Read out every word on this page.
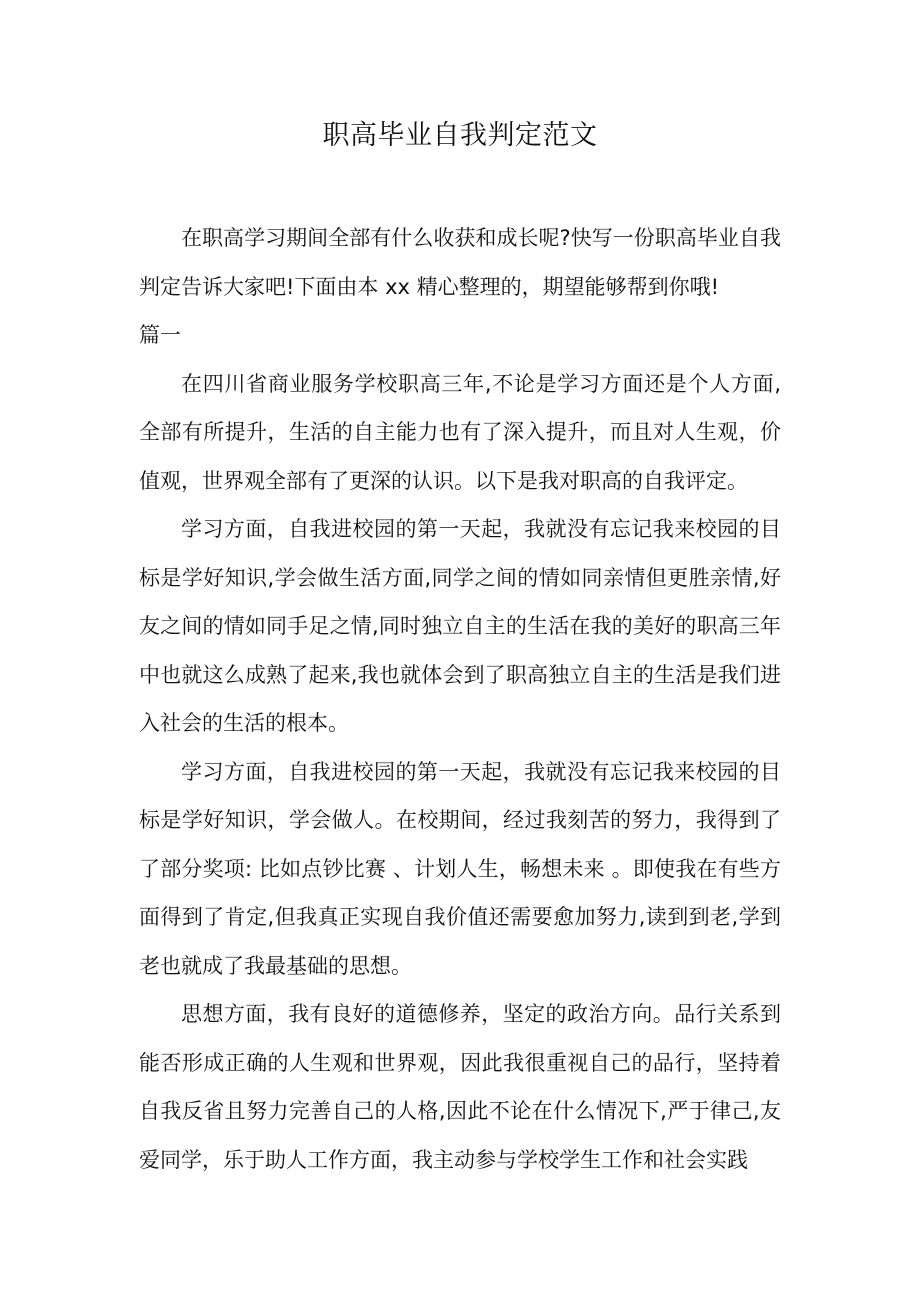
职高毕业自我判定范文

在职高学习期间全部有什么收获和成长呢?快写一份职高毕业自我判定告诉大家吧!下面由本 xx 精心整理的，期望能够帮到你哦!

篇一

在四川省商业服务学校职高三年,不论是学习方面还是个人方面,全部有所提升，生活的自主能力也有了深入提升，而且对人生观，价值观，世界观全部有了更深的认识。以下是我对职高的自我评定。

学习方面，自我进校园的第一天起，我就没有忘记我来校园的目标是学好知识,学会做生活方面,同学之间的情如同亲情但更胜亲情,好友之间的情如同手足之情,同时独立自主的生活在我的美好的职高三年中也就这么成熟了起来,我也就体会到了职高独立自主的生活是我们进入社会的生活的根本。

学习方面，自我进校园的第一天起，我就没有忘记我来校园的目标是学好知识，学会做人。在校期间，经过我刻苦的努力，我得到了了部分奖项: 比如点钞比赛 、计划人生，畅想未来 。即使我在有些方面得到了肯定,但我真正实现自我价值还需要愈加努力,读到到老,学到老也就成了我最基础的思想。

思想方面，我有良好的道德修养，坚定的政治方向。品行关系到能否形成正确的人生观和世界观，因此我很重视自己的品行，坚持着自我反省且努力完善自己的人格,因此不论在什么情况下,严于律己,友爱同学，乐于助人工作方面，我主动参与学校学生工作和社会实践
